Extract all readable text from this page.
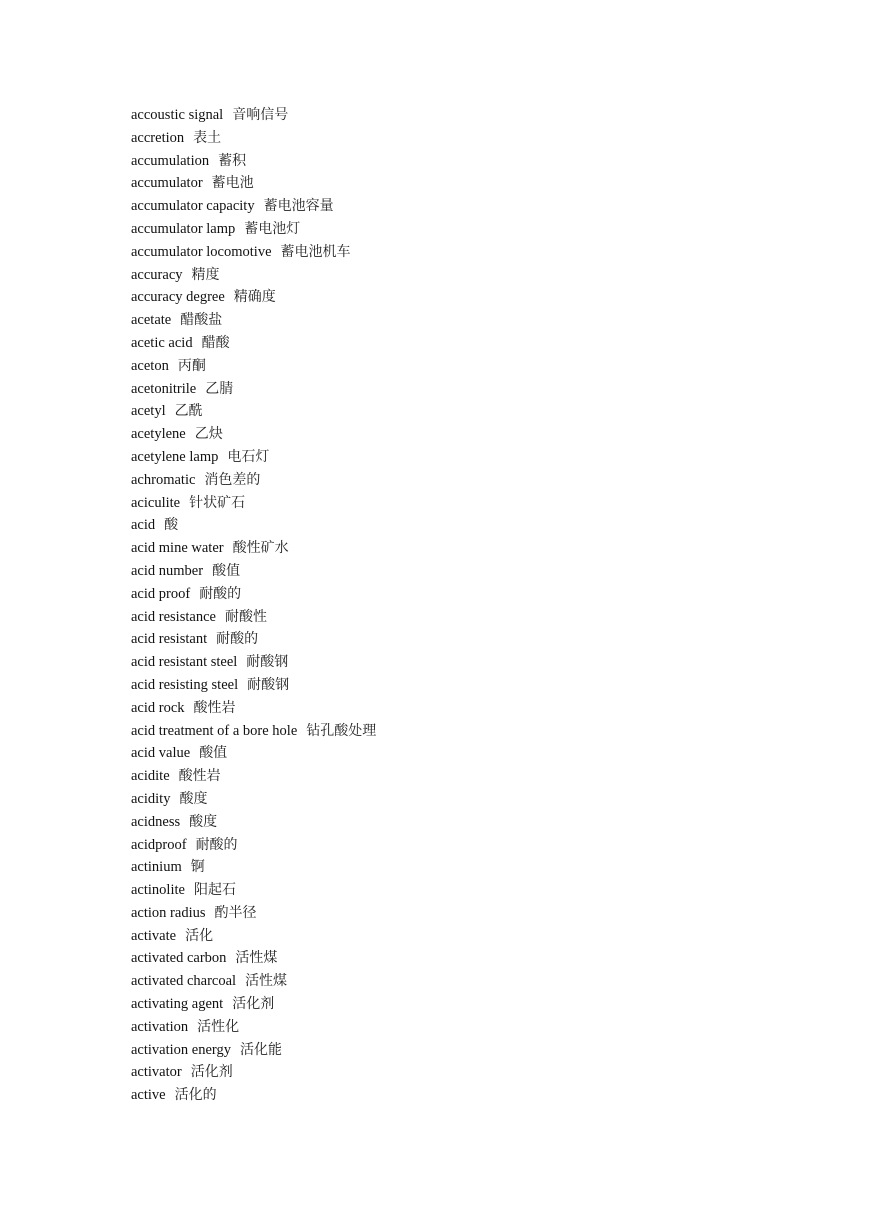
accoustic signal 音响信号
accretion 表土
accumulation 蓄积
accumulator 蓄电池
accumulator capacity 蓄电池容量
accumulator lamp 蓄电池灯
accumulator locomotive 蓄电池机车
accuracy 精度
accuracy degree 精确度
acetate 醋酸盐
acetic acid 醋酸
aceton 丙酮
acetonitrile 乙腈
acetyl 乙酰
acetylene 乙炔
acetylene lamp 电石灯
achromatic 消色差的
aciculite 针状矿石
acid 酸
acid mine water 酸性矿水
acid number 酸值
acid proof 耐酸的
acid resistance 耐酸性
acid resistant 耐酸的
acid resistant steel 耐酸钢
acid resisting steel 耐酸钢
acid rock 酸性岩
acid treatment of a bore hole 钻孔酸处理
acid value 酸值
acidite 酸性岩
acidity 酸度
acidness 酸度
acidproof 耐酸的
actinium 锕
actinolite 阳起石
action radius 酌半径
activate 活化
activated carbon 活性煤
activated charcoal 活性煤
activating agent 活化剂
activation 活性化
activation energy 活化能
activator 活化剂
active 活化的
